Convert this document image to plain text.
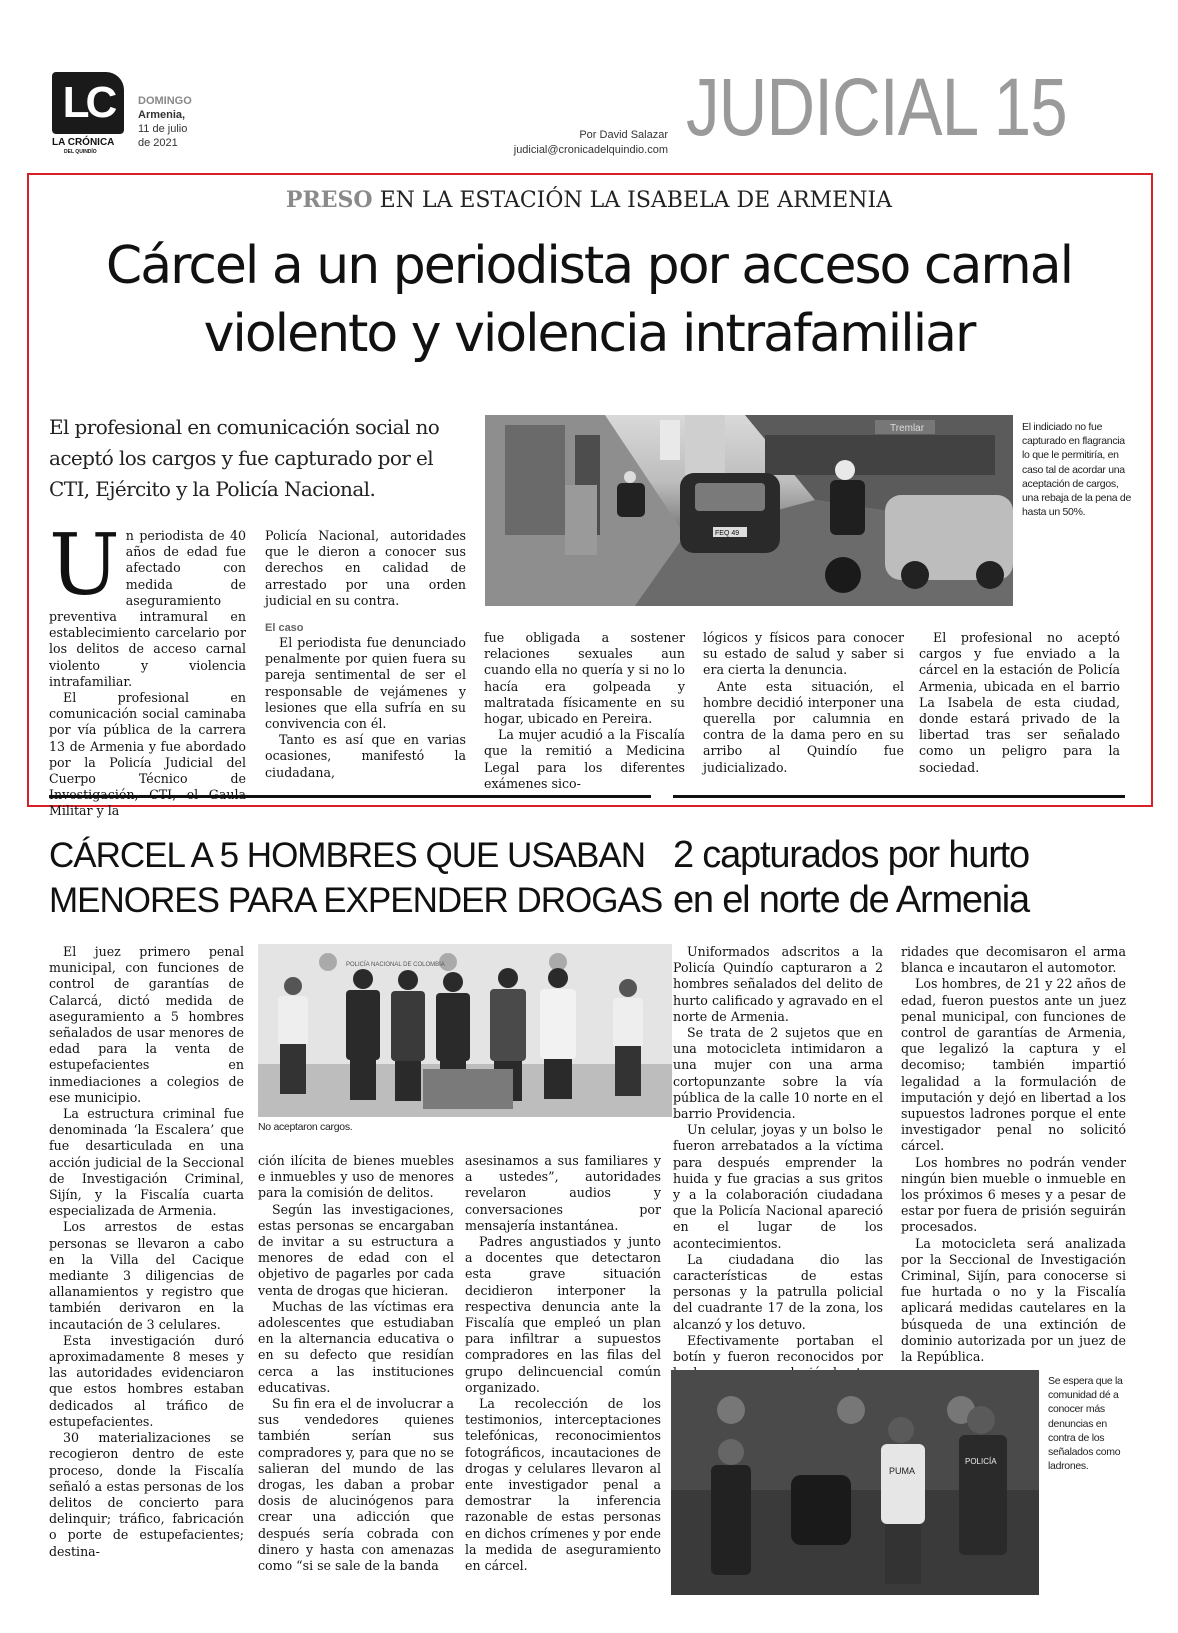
LC
LA CRÓNICA
DEL QUINDÍO
DOMINGO
Armenia,
11 de julio
de 2021
Por David Salazar
judicial@cronicadelquindio.com JUDICIAL 15
PRESO EN LA ESTACIÓN LA ISABELA DE ARMENIA
Cárcel a un periodista por acceso carnal
violento y violencia intrafamiliar
El profesional en comunicación social no aceptó los cargos y fue capturado por el CTI, Ejército y la Policía Nacional.
Tremlar
FEQ 49
El indiciado no fue capturado en flagrancia lo que le permitiría, en caso tal de acordar una aceptación de cargos, una rebaja de la pena de hasta un 50%.
U n periodista de 40 años de edad fue afectado con medida de aseguramiento preventiva intramural en establecimiento carcelario por los delitos de acceso carnal violento y violencia intrafamiliar.

El profesional en comunicación social caminaba por vía pública de la carrera 13 de Armenia y fue abordado por la Policía Judicial del Cuerpo Técnico de Militar y la

Policía Nacional, autoridades que le dieron a conocer sus derechos en calidad de arrestado por una orden judicial en su contra.

El caso

El periodista fue denunciado penalmente por quien fuera su pareja sentimental de ser el responsable de vejámenes y lesiones que ella sufría en su convivencia con él.

Tanto es así que en varias ocasiones, manifestó la ciudadana,

fue obligada a sostener relaciones sexuales aun cuando ella no quería y si no lo hacía era golpeada y maltratada físicamente en su hogar, ubicado en Pereira.

La mujer acudió a la Fiscalía que la remitió a Medicina Legal para los diferentes exámenes sico-

lógicos y físicos para conocer su estado de salud y saber si era cierta la denuncia.

Ante esta situación, el hombre decidió interponer una querella por calumnia en contra de la dama pero en su arribo al Quindío fue judicializado.

El profesional no aceptó cargos y fue enviado a la cárcel en la estación de Policía Armenia, ubicada en el barrio La Isabela de esta ciudad, donde estará privado de la libertad tras ser señalado como un peligro para la sociedad.

CÁRCEL A 5 HOMBRES QUE USABAN
MENORES PARA EXPENDER DROGAS
POLICÍA NACIONAL DE COLOMBIA
No aceptaron cargos.

El juez primero penal municipal, con funciones de control de garantías de Calarcá, dictó medida de aseguramiento a 5 hombres señalados de usar menores de edad para la venta de estupefacientes en inmediaciones a colegios de ese municipio.

La estructura criminal fue denominada ‘la Escalera’ que fue desarticulada en una acción judicial de la Seccional de Investigación Criminal, Sijín, y la Fiscalía cuarta especializada de Armenia.

Los arrestos de estas personas se llevaron a cabo en la Villa del Cacique mediante 3 diligencias de allanamientos y registro que también derivaron en la incautación de 3 celulares.

Esta investigación duró aproximadamente 8 meses y las autoridades evidenciaron que estos hombres estaban dedicados al tráfico de estupefacientes.

30 materializaciones se recogieron dentro de este proceso, donde la Fiscalía señaló a estas personas de los delitos de concierto para delinquir; tráfico, fabricación o porte de estupefacientes; destina-

ción ilícita de bienes muebles e inmuebles y uso de menores para la comisión de delitos.

Según las investigaciones, estas personas se encargaban de invitar a su estructura a menores de edad con el objetivo de pagarles por cada venta de drogas que hicieran.

Muchas de las víctimas era adolescentes que estudiaban en la alternancia educativa o en su defecto que residían cerca a las instituciones educativas.

Su fin era el de involucrar a sus vendedores quienes también serían sus compradores y, para que no se salieran del mundo de las drogas, les daban a probar dosis de alucinógenos para crear una adicción que después sería cobrada con dinero y hasta con amenazas como “si se sale de la banda

asesinamos a sus familiares y a ustedes”, autoridades revelaron audios y conversaciones por mensajería instantánea.

Padres angustiados y junto a docentes que detectaron esta grave situación decidieron interponer la respectiva denuncia ante la Fiscalía que empleó un plan para infiltrar a supuestos compradores en las filas del grupo delincuencial común organizado.

La recolección de los testimonios, interceptaciones telefónicas, reconocimientos fotográficos, incautaciones de drogas y celulares llevaron al ente investigador penal a demostrar la inferencia razonable de estas personas en dichos crímenes y por ende la medida de aseguramiento en cárcel.

2 capturados por hurto
en el norte de Armenia

Uniformados adscritos a la Policía Quindío capturaron a 2 hombres señalados del delito de hurto calificado y agravado en el norte de Armenia.

Se trata de 2 sujetos que en una motocicleta intimidaron a una mujer con una arma cortopunzante sobre la vía pública de la calle 10 norte en el barrio Providencia.

Un celular, joyas y un bolso le fueron arrebatados a la víctima para después emprender la huida y fue gracias a sus gritos y a la colaboración ciudadana que la Policía Nacional apareció en el lugar de los acontecimientos.

La ciudadana dio las características de estas personas y la patrulla policial del cuadrante 17 de la zona, los alcanzó y los detuvo.

Efectivamente portaban el botín y fueron reconocidos por

ridades que decomisaron el arma blanca e incautaron el automotor.

Los hombres, de 21 y 22 años de edad, fueron puestos ante un juez penal municipal, con funciones de control de garantías de Armenia, que legalizó la captura y el decomiso; también impartió legalidad a la formulación de imputación y dejó en libertad a los supuestos ladrones porque el ente investigador penal no solicitó cárcel.

Los hombres no podrán vender ningún bien mueble o inmueble en los próximos 6 meses y a pesar de estar por fuera de prisión seguirán procesados.

La motocicleta será analizada por la Seccional de Investigación Criminal, Sijín, para conocerse si fue hurtada o no y la Fiscalía aplicará medidas cautelares en la búsqueda de una extinción de dominio autorizada por un juez de la República.

PUMA
POLICÍA
Se espera que la comunidad dé a conocer más denuncias en contra de los señalados como ladrones.
